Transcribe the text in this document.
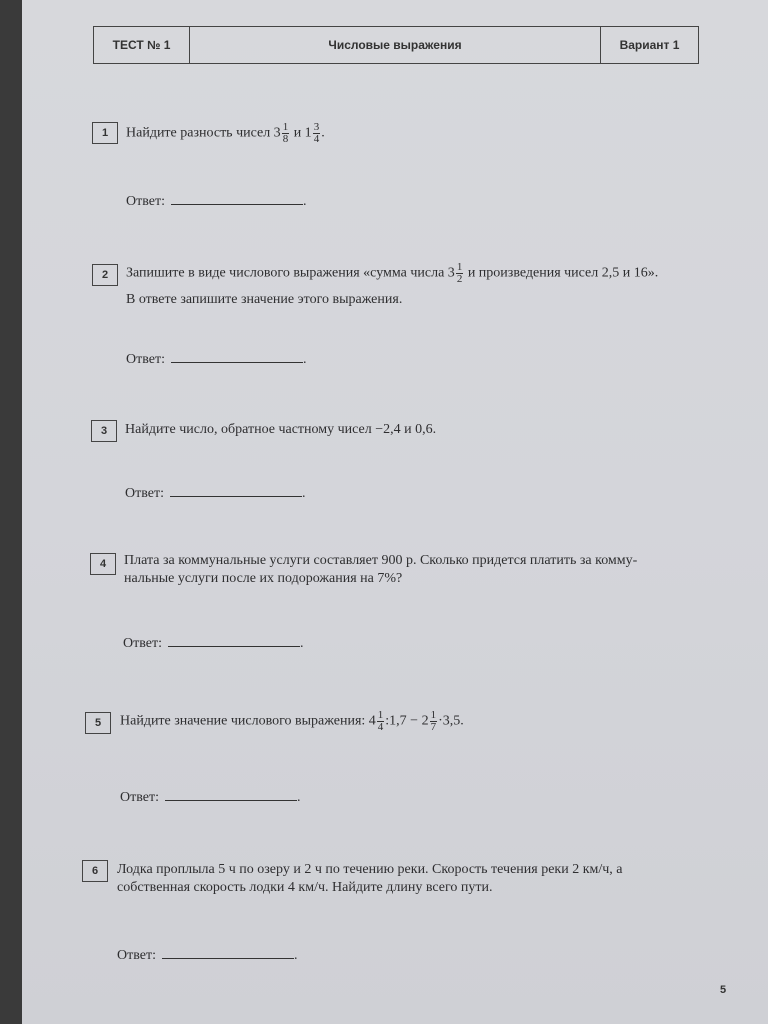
ТЕСТ № 1	Числовые выражения	Вариант 1
1	Найдите разность чисел $3 \frac{1}{8}$ и $1 \frac{3}{4}$ .
Ответ:	.
2	Запишите в виде числового выражения «сумма числа $3 \frac{1}{2}$ и произведения чисел 2,5 и 16».
В ответе запишите значение этого выражения.
Ответ:	.
3	Найдите число, обратное частному чисел −2,4 и 0,6.
Ответ:	.
4	Плата за коммунальные услуги составляет 900 р. Сколько придется платить за комму-
нальные услуги после их подорожания на 7%?
Ответ:	.
5	Найдите значение числового выражения: $4 \frac{1}{4}$ :1,7 − $2 \frac{1}{7} \cdot 3,5$.
Ответ:	.
6	Лодка проплыла 5 ч по озеру и 2 ч по течению реки. Скорость течения реки 2 км/ч, а
собственная скорость лодки 4 км/ч. Найдите длину всего пути.
Ответ:	.
5
